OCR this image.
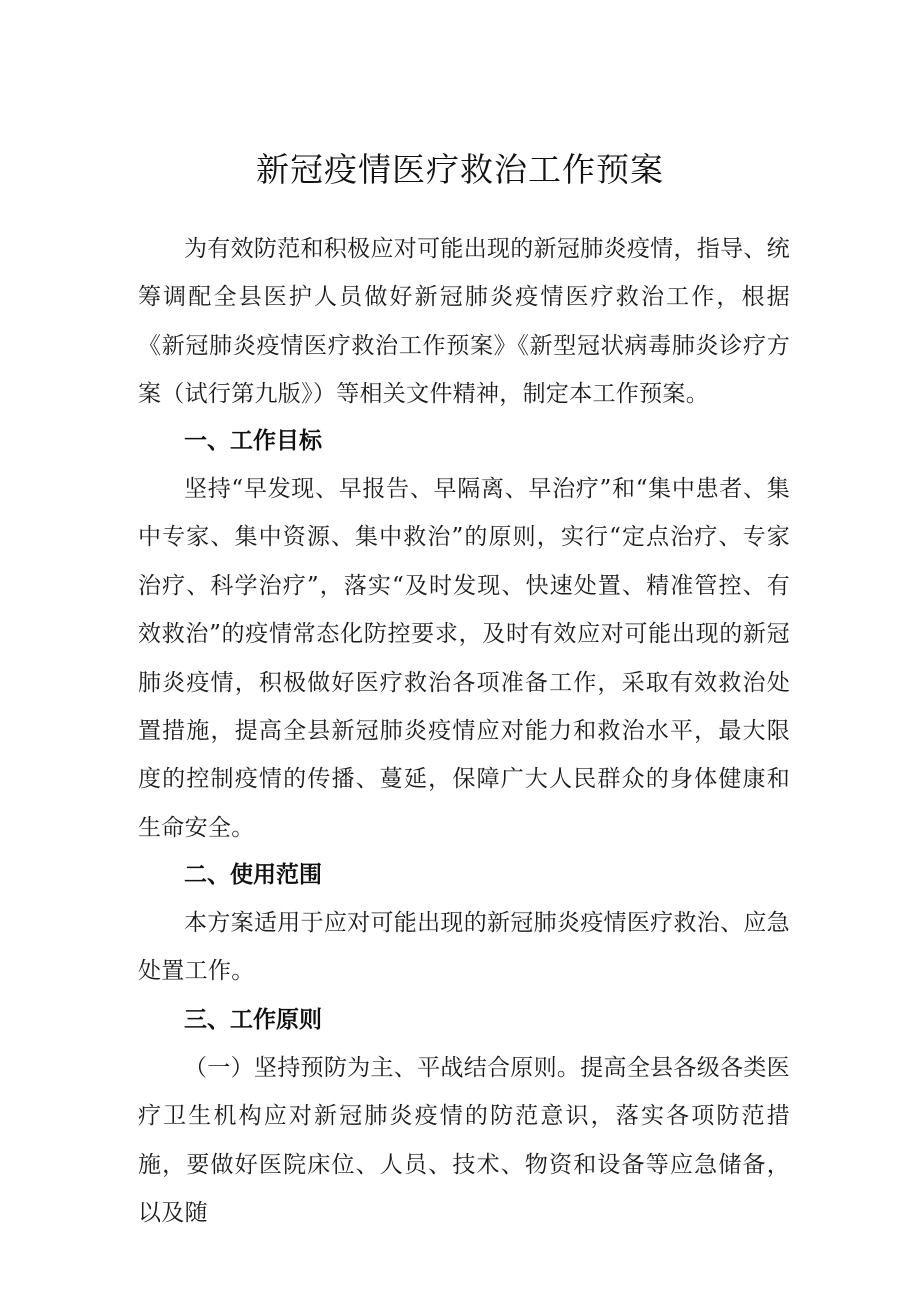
新冠疫情医疗救治工作预案

为有效防范和积极应对可能出现的新冠肺炎疫情，指导、统筹调配全县医护人员做好新冠肺炎疫情医疗救治工作，根据《新冠肺炎疫情医疗救治工作预案》《新型冠状病毒肺炎诊疗方案（试行第九版》）等相关文件精神，制定本工作预案。

一、工作目标

坚持“早发现、早报告、早隔离、早治疗”和“集中患者、集中专家、集中资源、集中救治”的原则，实行“定点治疗、专家治疗、科学治疗”，落实“及时发现、快速处置、精准管控、有效救治”的疫情常态化防控要求，及时有效应对可能出现的新冠肺炎疫情，积极做好医疗救治各项准备工作，采取有效救治处置措施，提高全县新冠肺炎疫情应对能力和救治水平，最大限度的控制疫情的传播、蔓延，保障广大人民群众的身体健康和生命安全。

二、使用范围

本方案适用于应对可能出现的新冠肺炎疫情医疗救治、应急处置工作。

三、工作原则

（一）坚持预防为主、平战结合原则。提高全县各级各类医疗卫生机构应对新冠肺炎疫情的防范意识，落实各项防范措施，要做好医院床位、人员、技术、物资和设备等应急储备，以及随
